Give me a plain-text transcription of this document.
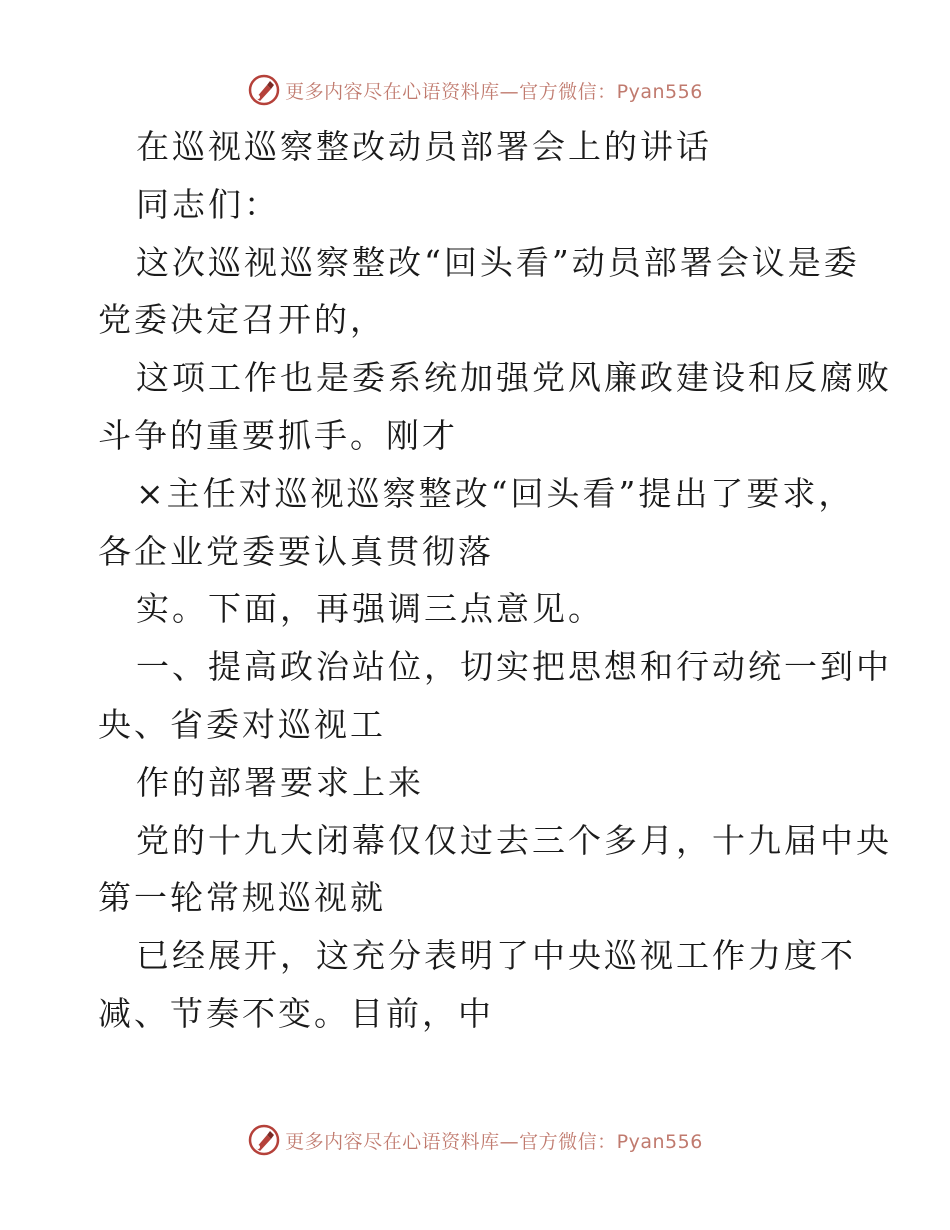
更多内容尽在心语资料库—官方微信：Pyan556
在巡视巡察整改动员部署会上的讲话
同志们：
这次巡视巡察整改“回头看”动员部署会议是委
党委决定召开的，
这项工作也是委系统加强党风廉政建设和反腐败
斗争的重要抓手。刚才
×主任对巡视巡察整改“回头看”提出了要求，
各企业党委要认真贯彻落
实。下面，再强调三点意见。
一、提高政治站位，切实把思想和行动统一到中
央、省委对巡视工
作的部署要求上来
党的十九大闭幕仅仅过去三个多月，十九届中央
第一轮常规巡视就
已经展开，这充分表明了中央巡视工作力度不
减、节奏不变。目前，中
更多内容尽在心语资料库—官方微信：Pyan556
